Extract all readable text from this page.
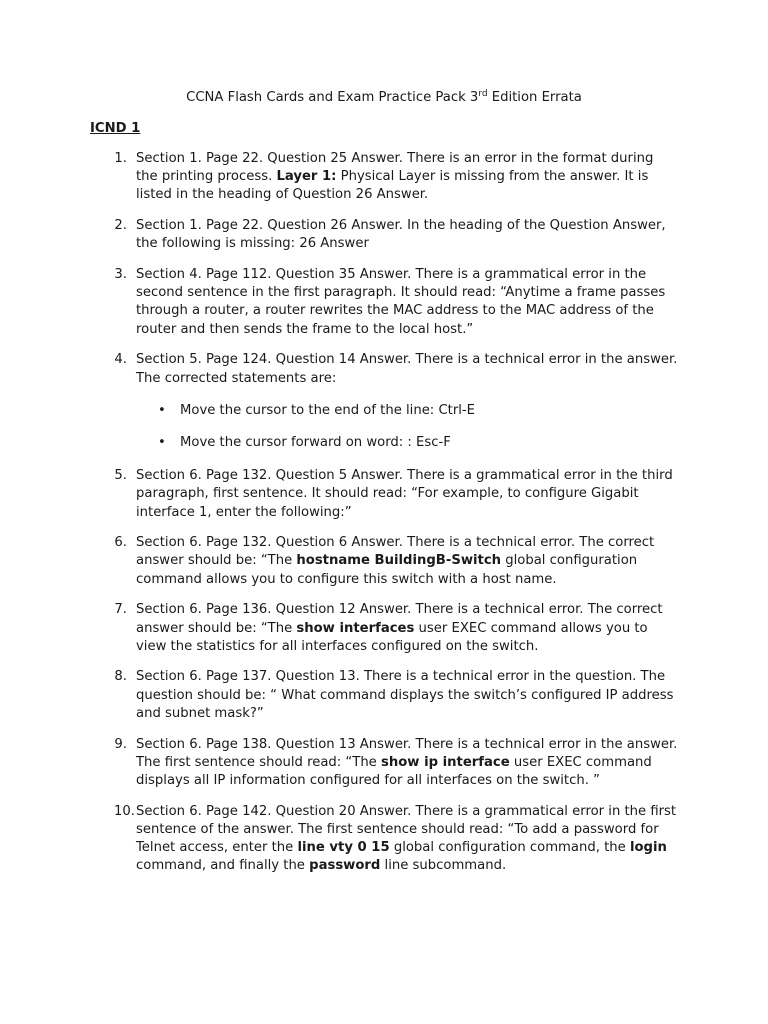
CCNA Flash Cards and Exam Practice Pack 3rd Edition Errata
ICND 1
1. Section 1. Page 22. Question 25 Answer. There is an error in the format during the printing process. Layer 1: Physical Layer is missing from the answer. It is listed in the heading of Question 26 Answer.
2. Section 1. Page 22. Question 26 Answer. In the heading of the Question Answer, the following is missing: 26 Answer
3. Section 4. Page 112. Question 35 Answer. There is a grammatical error in the second sentence in the first paragraph. It should read: “Anytime a frame passes through a router, a router rewrites the MAC address to the MAC address of the router and then sends the frame to the local host.”
4. Section 5. Page 124. Question 14 Answer. There is a technical error in the answer. The corrected statements are:
• Move the cursor to the end of the line: Ctrl-E
• Move the cursor forward on word: : Esc-F
5. Section 6. Page 132. Question 5 Answer. There is a grammatical error in the third paragraph, first sentence. It should read: “For example, to configure Gigabit interface 1, enter the following:”
6. Section 6. Page 132. Question 6 Answer. There is a technical error. The correct answer should be: “The hostname BuildingB-Switch global configuration command allows you to configure this switch with a host name.
7. Section 6. Page 136. Question 12 Answer. There is a technical error. The correct answer should be: “The show interfaces user EXEC command allows you to view the statistics for all interfaces configured on the switch.
8. Section 6. Page 137. Question 13. There is a technical error in the question. The question should be: “ What command displays the switch’s configured IP address and subnet mask?”
9. Section 6. Page 138. Question 13 Answer. There is a technical error in the answer. The first sentence should read: “The show ip interface user EXEC command displays all IP information configured for all interfaces on the switch. ”
10. Section 6. Page 142. Question 20 Answer. There is a grammatical error in the first sentence of the answer. The first sentence should read: “To add a password for Telnet access, enter the line vty 0 15 global configuration command, the login command, and finally the password line subcommand.
